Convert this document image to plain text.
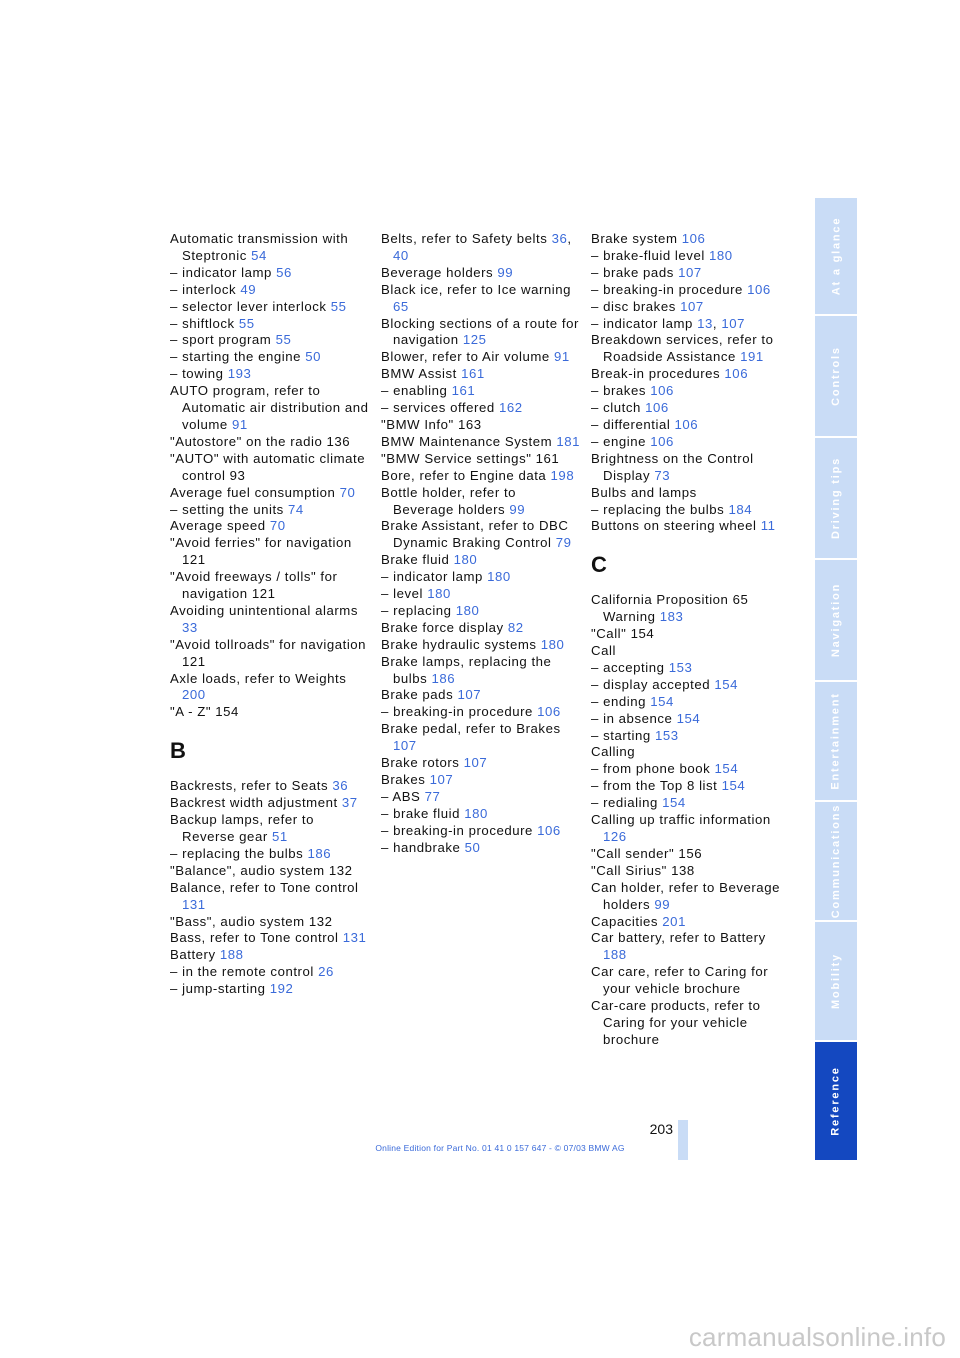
Automatic transmission with Steptronic 54
– indicator lamp 56
– interlock 49
– selector lever interlock 55
– shiftlock 55
– sport program 55
– starting the engine 50
– towing 193
AUTO program, refer to Automatic air distribution and volume 91
"Autostore" on the radio 136
"AUTO" with automatic climate control 93
Average fuel consumption 70
– setting the units 74
Average speed 70
"Avoid ferries" for navigation 121
"Avoid freeways / tolls" for navigation 121
Avoiding unintentional alarms 33
"Avoid tollroads" for navigation 121
Axle loads, refer to Weights 200
"A - Z" 154
B
Backrests, refer to Seats 36
Backrest width adjustment 37
Backup lamps, refer to Reverse gear 51
– replacing the bulbs 186
"Balance", audio system 132
Balance, refer to Tone control 131
"Bass", audio system 132
Bass, refer to Tone control 131
Battery 188
– in the remote control 26
– jump-starting 192
Belts, refer to Safety belts 36, 40
Beverage holders 99
Black ice, refer to Ice warning 65
Blocking sections of a route for navigation 125
Blower, refer to Air volume 91
BMW Assist 161
– enabling 161
– services offered 162
"BMW Info" 163
BMW Maintenance System 181
"BMW Service settings" 161
Bore, refer to Engine data 198
Bottle holder, refer to Beverage holders 99
Brake Assistant, refer to DBC Dynamic Braking Control 79
Brake fluid 180
– indicator lamp 180
– level 180
– replacing 180
Brake force display 82
Brake hydraulic systems 180
Brake lamps, replacing the bulbs 186
Brake pads 107
– breaking-in procedure 106
Brake pedal, refer to Brakes 107
Brake rotors 107
Brakes 107
– ABS 77
– brake fluid 180
– breaking-in procedure 106
– handbrake 50
Brake system 106
– brake-fluid level 180
– brake pads 107
– breaking-in procedure 106
– disc brakes 107
– indicator lamp 13, 107
Breakdown services, refer to Roadside Assistance 191
Break-in procedures 106
– brakes 106
– clutch 106
– differential 106
– engine 106
Brightness on the Control Display 73
Bulbs and lamps
– replacing the bulbs 184
Buttons on steering wheel 11
C
California Proposition 65 Warning 183
"Call" 154
Call
– accepting 153
– display accepted 154
– ending 154
– in absence 154
– starting 153
Calling
– from phone book 154
– from the Top 8 list 154
– redialing 154
Calling up traffic information 126
"Call sender" 156
"Call Sirius" 138
Can holder, refer to Beverage holders 99
Capacities 201
Car battery, refer to Battery 188
Car care, refer to Caring for your vehicle brochure
Car-care products, refer to Caring for your vehicle brochure
At a glance
Controls
Driving tips
Navigation
Entertainment
Communications
Mobility
Reference
203
Online Edition for Part No. 01 41 0 157 647 - © 07/03 BMW AG
carmanualsonline.info
